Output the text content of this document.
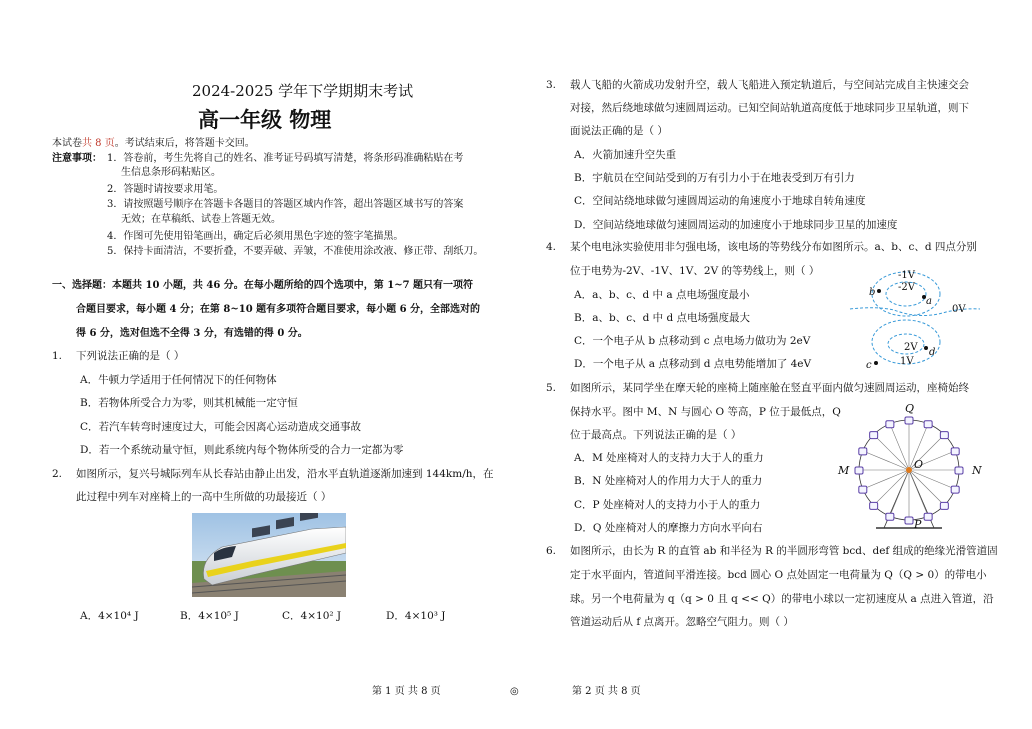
2024-2025 学年下学期期末考试
高一年级 物理
本试卷共 8 页。考试结束后，将答题卡交回。
注意事项： 1．答卷前，考生先将自己的姓名、准考证号码填写清楚，将条形码准确粘贴在考
生信息条形码粘贴区。
2．答题时请按要求用笔。
3．请按照题号顺序在答题卡各题目的答题区域内作答，超出答题区域书写的答案
无效；在草稿纸、试卷上答题无效。
4．作图可先使用铅笔画出，确定后必须用黑色字迹的签字笔描黑。
5．保持卡面清洁，不要折叠，不要弄破、弄皱，不准使用涂改液、修正带、刮纸刀。
一、选择题：本题共 10 小题，共 46 分。在每小题所给的四个选项中，第 1~7 题只有一项符
合题目要求，每小题 4 分；在第 8~10 题有多项符合题目要求，每小题 6 分，全部选对的
得 6 分，选对但选不全得 3 分，有选错的得 0 分。
1. 下列说法正确的是（ ）
A．牛顿力学适用于任何情况下的任何物体
B．若物体所受合力为零，则其机械能一定守恒
C．若汽车转弯时速度过大，可能会因离心运动造成交通事故
D．若一个系统动量守恒，则此系统内每个物体所受的合力一定都为零
2. 如图所示，复兴号城际列车从长春站由静止出发，沿水平直轨道逐渐加速到 144km/h，在
此过程中列车对座椅上的一高中生所做的功最接近（ ）
A．4×10⁴ J	B．4×10⁵ J	C．4×10² J	D．4×10³ J
3. 载人飞船的火箭成功发射升空，载人飞船进入预定轨道后，与空间站完成自主快速交会
对接，然后绕地球做匀速圆周运动。已知空间站轨道高度低于地球同步卫星轨道，则下
面说法正确的是（ ）
A．火箭加速升空失重
B．宇航员在空间站受到的万有引力小于在地表受到万有引力
C．空间站绕地球做匀速圆周运动的角速度小于地球自转角速度
D．空间站绕地球做匀速圆周运动的加速度小于地球同步卫星的加速度
4. 某个电电泳实验使用非匀强电场，该电场的等势线分布如图所示。a、b、c、d 四点分别
位于电势为-2V、-1V、1V、2V 的等势线上，则（ ）
A．a、b、c、d 中 a 点电场强度最小
B．a、b、c、d 中 d 点电场强度最大
C．一个电子从 b 点移动到 c 点电场力做功为 2eV
D．一个电子从 a 点移动到 d 点电势能增加了 4eV
-1V
-2V
0V
2V
1V
a
b
c
d
5. 如图所示，某同学坐在摩天轮的座椅上随座舱在竖直平面内做匀速圆周运动，座椅始终
保持水平。图中 M、N 与圆心 O 等高，P 位于最低点，Q
位于最高点。下列说法正确的是（ ）
A．M 处座椅对人的支持力大于人的重力
B．N 处座椅对人的作用力大于人的重力
C．P 处座椅对人的支持力小于人的重力
D．Q 处座椅对人的摩擦力方向水平向右
Q
M	O	N
P
6. 如图所示，由长为 R 的直管 ab 和半径为 R 的半圆形弯管 bcd、def 组成的绝缘光滑管道固
定于水平面内，管道间平滑连接。bcd 圆心 O 点处固定一电荷量为 Q（Q > 0）的带电小
球。另一个电荷量为 q（q > 0 且 q << Q）的带电小球以一定初速度从 a 点进入管道，沿
管道运动后从 f 点离开。忽略空气阻力。则（ ）
第 1 页 共 8 页	◎	第 2 页 共 8 页
